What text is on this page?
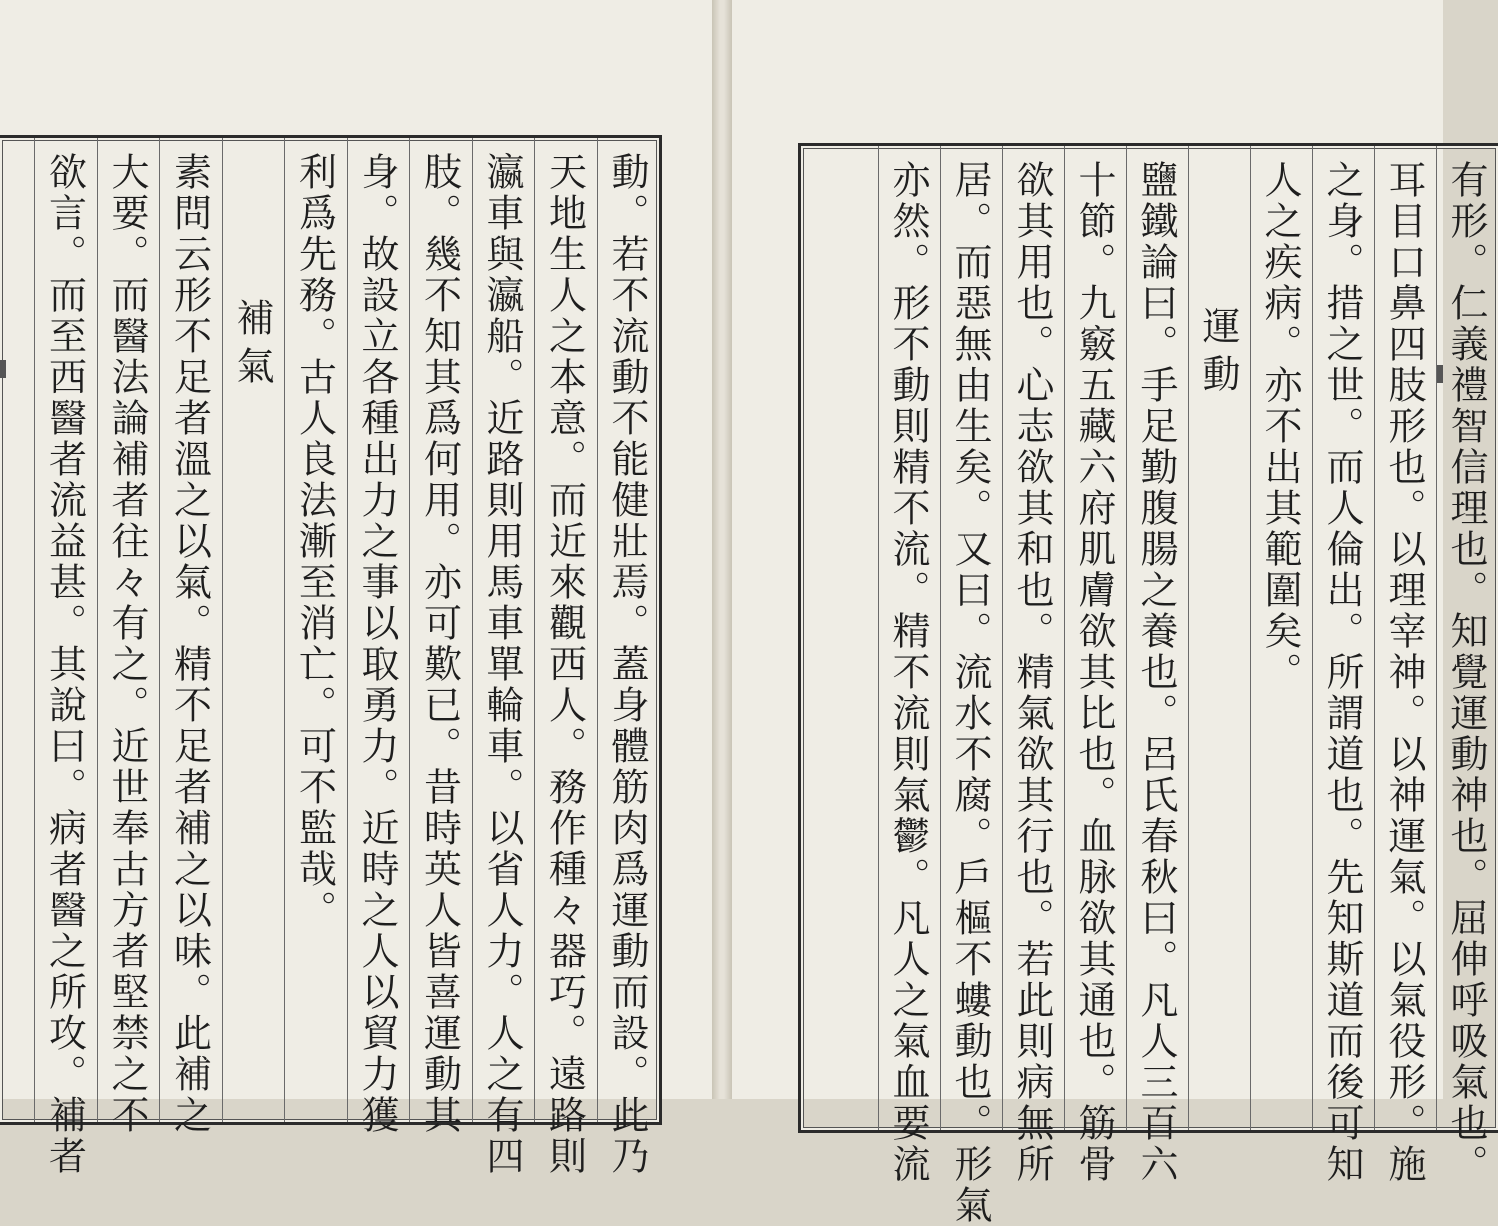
動。若不流動不能健壯焉。蓋身體筋肉爲運動而設。此乃
天地生人之本意。而近來觀西人。務作種々器巧。遠路則
瀛車與瀛船。近路則用馬車單輪車。以省人力。人之有四
肢。幾不知其爲何用。亦可歎已。昔時英人皆喜運動其
身。故設立各種出力之事以取勇力。近時之人以貿力獲
利爲先務。古人良法漸至消亡。可不監哉。
補氣
素問云形不足者溫之以氣。精不足者補之以味。此補之
大要。而醫法論補者往々有之。近世奉古方者堅禁之不
欲言。而至西醫者流益甚。其說曰。病者醫之所攻。補者	有形。仁義禮智信理也。知覺運動神也。屈伸呼吸氣也。
耳目口鼻四肢形也。以理宰神。以神運氣。以氣役形。施
之身。措之世。而人倫出。所謂道也。先知斯道而後可知
人之疾病。亦不出其範圍矣。
運動
鹽鐵論曰。手足勤腹腸之養也。呂氏春秋曰。凡人三百六
十節。九竅五藏六府肌膚欲其比也。血脉欲其通也。筋骨
欲其用也。心志欲其和也。精氣欲其行也。若此則病無所
居。而惡無由生矣。又曰。流水不腐。戶樞不螻動也。形氣
亦然。形不動則精不流。精不流則氣鬱。凡人之氣血要流
